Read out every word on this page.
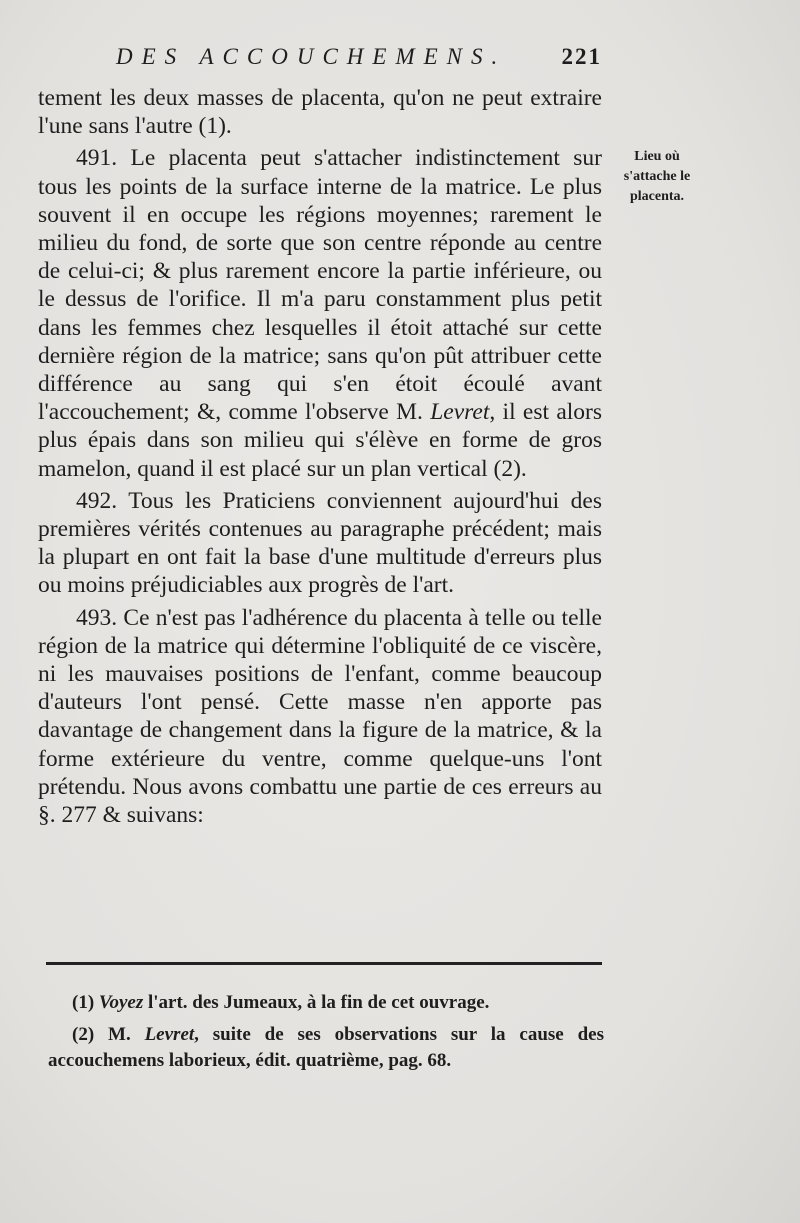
DES ACCOUCHEMENS. 221
Lieu où s'attache le placenta.

tement les deux masses de placenta, qu'on ne peut extraire l'une sans l'autre (1).

491. Le placenta peut s'attacher indistinctement sur tous les points de la surface interne de la matrice. Le plus souvent il en occupe les régions moyennes; rarement le milieu du fond, de sorte que son centre réponde au centre de celui-ci; & plus rarement encore la partie inférieure, ou le dessus de l'orifice. Il m'a paru constamment plus petit dans les femmes chez lesquelles il étoit attaché sur cette dernière région de la matrice; sans qu'on pût attribuer cette différence au sang qui s'en étoit écoulé avant l'accouchement; &, comme l'observe M. Levret, il est alors plus épais dans son milieu qui s'élève en forme de gros mamelon, quand il est placé sur un plan vertical (2).

492. Tous les Praticiens conviennent aujourd'hui des premières vérités contenues au paragraphe précédent; mais la plupart en ont fait la base d'une multitude d'erreurs plus ou moins préjudiciables aux progrès de l'art.

493. Ce n'est pas l'adhérence du placenta à telle ou telle région de la matrice qui détermine l'obliquité de ce viscère, ni les mauvaises positions de l'enfant, comme beaucoup d'auteurs l'ont pensé. Cette masse n'en apporte pas davantage de changement dans la figure de la matrice, & la forme extérieure du ventre, comme quelque-uns l'ont prétendu. Nous avons combattu une partie de ces erreurs au §. 277 & suivans:

(1) Voyez l'art. des Jumeaux, à la fin de cet ouvrage.

(2) M. Levret, suite de ses observations sur la cause des accouchemens laborieux, édit. quatrième, pag. 68.
